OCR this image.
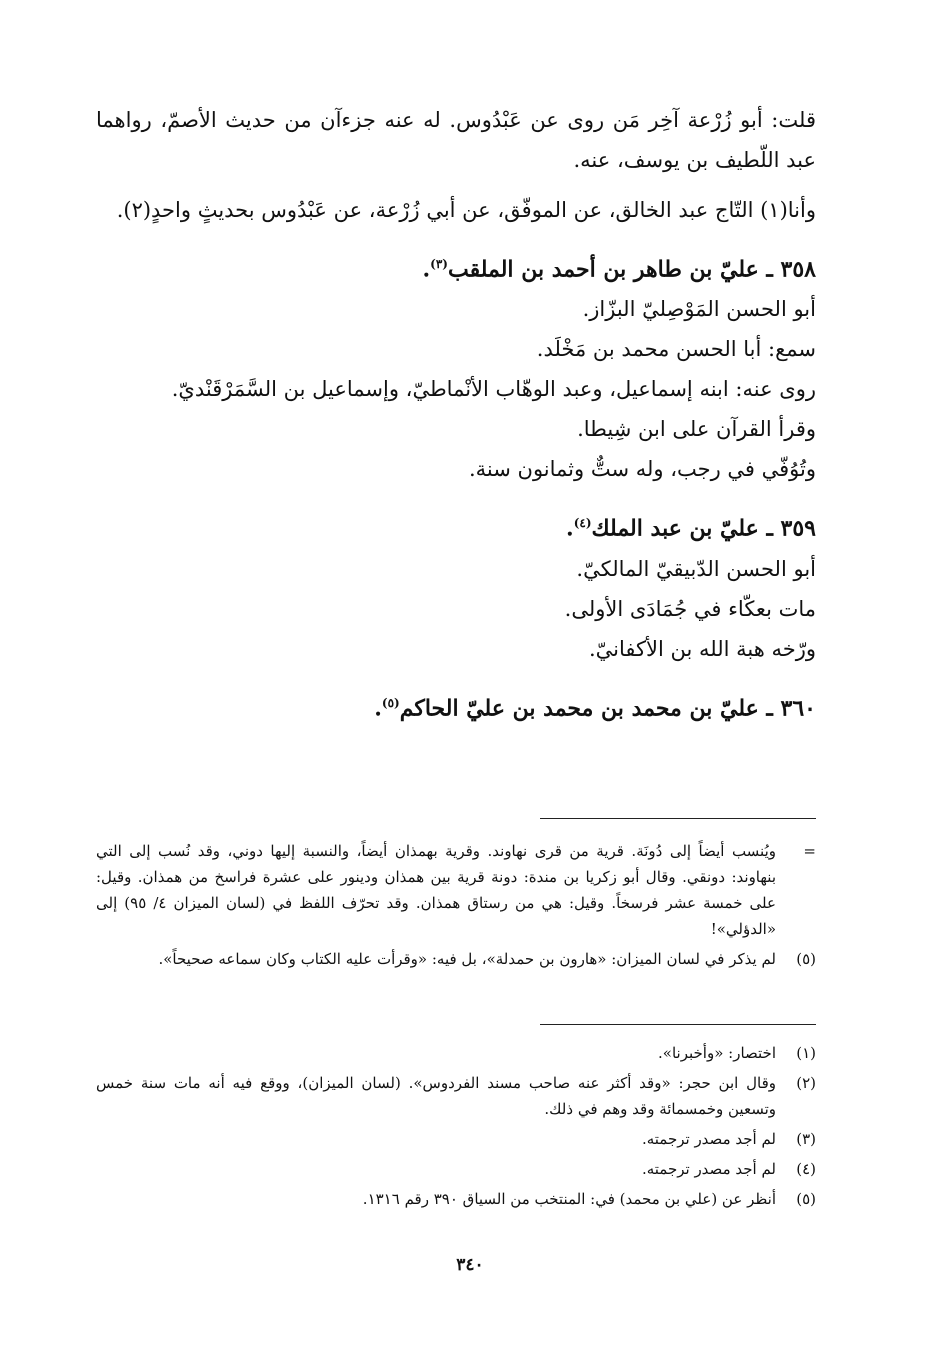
قلت: أبو زُرْعة آخِر مَن روى عن عَبْدُوس. له عنه جزءآن من حديث الأصمّ، رواهما عبد اللّطيف بن يوسف، عنه.

وأنا(١) التّاج عبد الخالق، عن الموفّق، عن أبي زُرْعة، عن عَبْدُوس بحديثٍ واحدٍ(٢).

٣٥٨ ـ عليّ بن طاهر بن أحمد بن الملقب$^{(٣)}$.
أبو الحسن المَوْصِليّ البزّاز.
سمع: أبا الحسن محمد بن مَخْلَد.
روى عنه: ابنه إسماعيل، وعبد الوهّاب الأنْماطيّ، وإسماعيل بن السَّمَرْقَنْديّ.
وقرأ القرآن على ابن شِيطا.
وتُوُفّي في رجب، وله ستٌّ وثمانون سنة.
٣٥٩ ـ عليّ بن عبد الملك$^{(٤)}$.
أبو الحسن الدّبيقيّ المالكيّ.
مات بعكّاء في جُمَادَى الأولى.
ورّخه هبة الله بن الأكفانيّ.
٣٦٠ ـ عليّ بن محمد بن محمد بن عليّ الحاكم$^{(٥)}$.
=
ويُنسب أيضاً إلى دُونَة. قرية من قرى نهاوند. وقرية بهمذان أيضاً، والنسبة إليها دوني، وقد نُسب إلى التي بنهاوند: دونقي. وقال أبو زكريا بن مندة: دونة قرية بين همذان ودينور على عشرة فراسخ من همذان. وقيل: على خمسة عشر فرسخاً. وقيل: هي من رستاق همذان. وقد تحرّف اللفظ في (لسان الميزان ٤/ ٩٥) إلى «الدؤلي»!
(٥)
لم يذكر في لسان الميزان: «هارون بن حمدلة»، بل فيه: «وقرأت عليه الكتاب وكان سماعه صحيحاً».
(١)
اختصار: «وأخبرنا».
(٢)
وقال ابن حجر: «وقد أكثر عنه صاحب مسند الفردوس». (لسان الميزان)، ووقع فيه أنه مات سنة خمس وتسعين وخمسمائة وقد وهم في ذلك.
(٣)
لم أجد مصدر ترجمته.
(٤)
لم أجد مصدر ترجمته.
(٥)
أنظر عن (علي بن محمد) في: المنتخب من السياق ٣٩٠ رقم ١٣١٦.
٣٤٠
